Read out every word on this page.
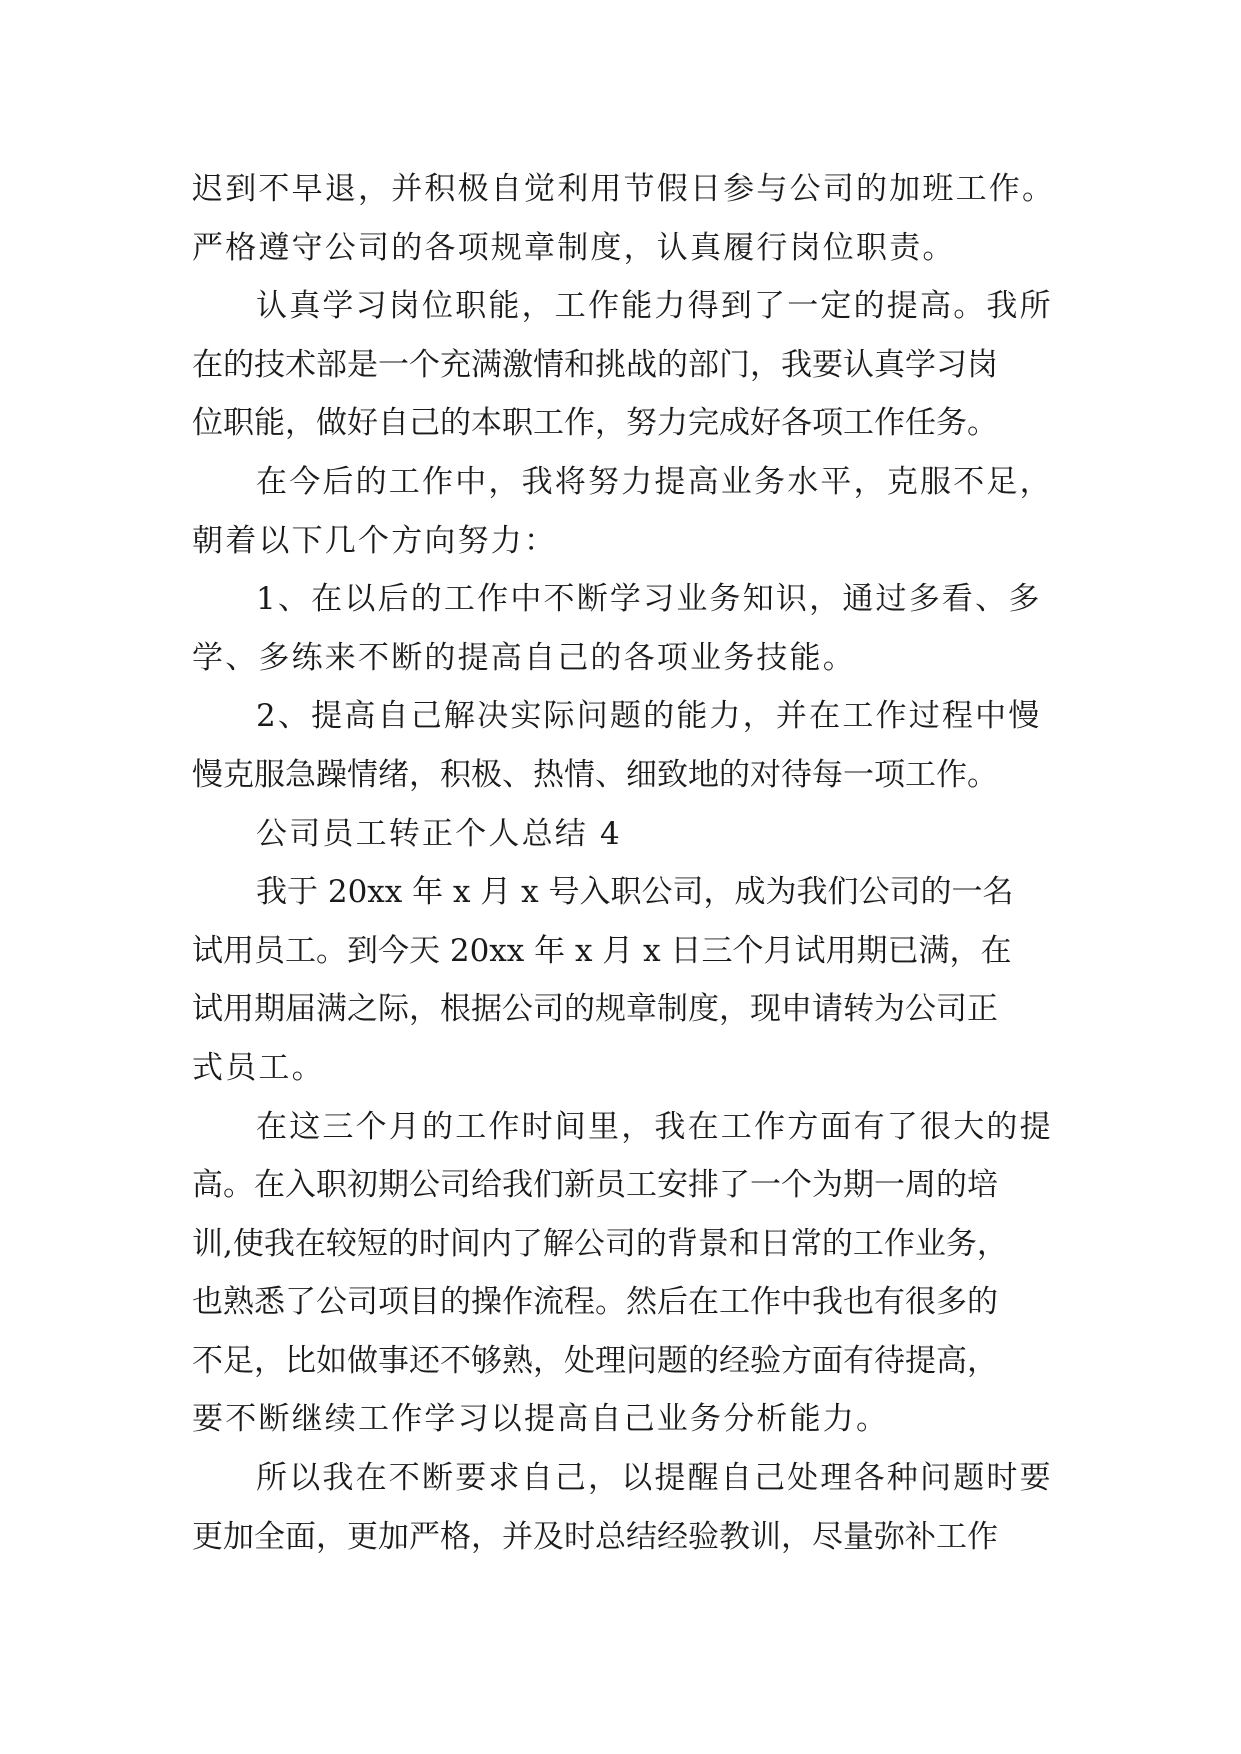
迟到不早退，并积极自觉利用节假日参与公司的加班工作。
严格遵守公司的各项规章制度，认真履行岗位职责。
认真学习岗位职能，工作能力得到了一定的提高。我所
在的技术部是一个充满激情和挑战的部门，我要认真学习岗
位职能，做好自己的本职工作，努力完成好各项工作任务。
在今后的工作中，我将努力提高业务水平，克服不足，
朝着以下几个方向努力：
1、在以后的工作中不断学习业务知识，通过多看、多
学、多练来不断的提高自己的各项业务技能。
2、提高自己解决实际问题的能力，并在工作过程中慢
慢克服急躁情绪，积极、热情、细致地的对待每一项工作。
公司员工转正个人总结 4
我于 20xx 年 x 月 x 号入职公司，成为我们公司的一名
试用员工。到今天 20xx 年 x 月 x 日三个月试用期已满，在
试用期届满之际，根据公司的规章制度，现申请转为公司正
式员工。
在这三个月的工作时间里，我在工作方面有了很大的提
高。在入职初期公司给我们新员工安排了一个为期一周的培
训,使我在较短的时间内了解公司的背景和日常的工作业务，
也熟悉了公司项目的操作流程。然后在工作中我也有很多的
不足，比如做事还不够熟，处理问题的经验方面有待提高，
要不断继续工作学习以提高自己业务分析能力。
所以我在不断要求自己，以提醒自己处理各种问题时要
更加全面，更加严格，并及时总结经验教训，尽量弥补工作
